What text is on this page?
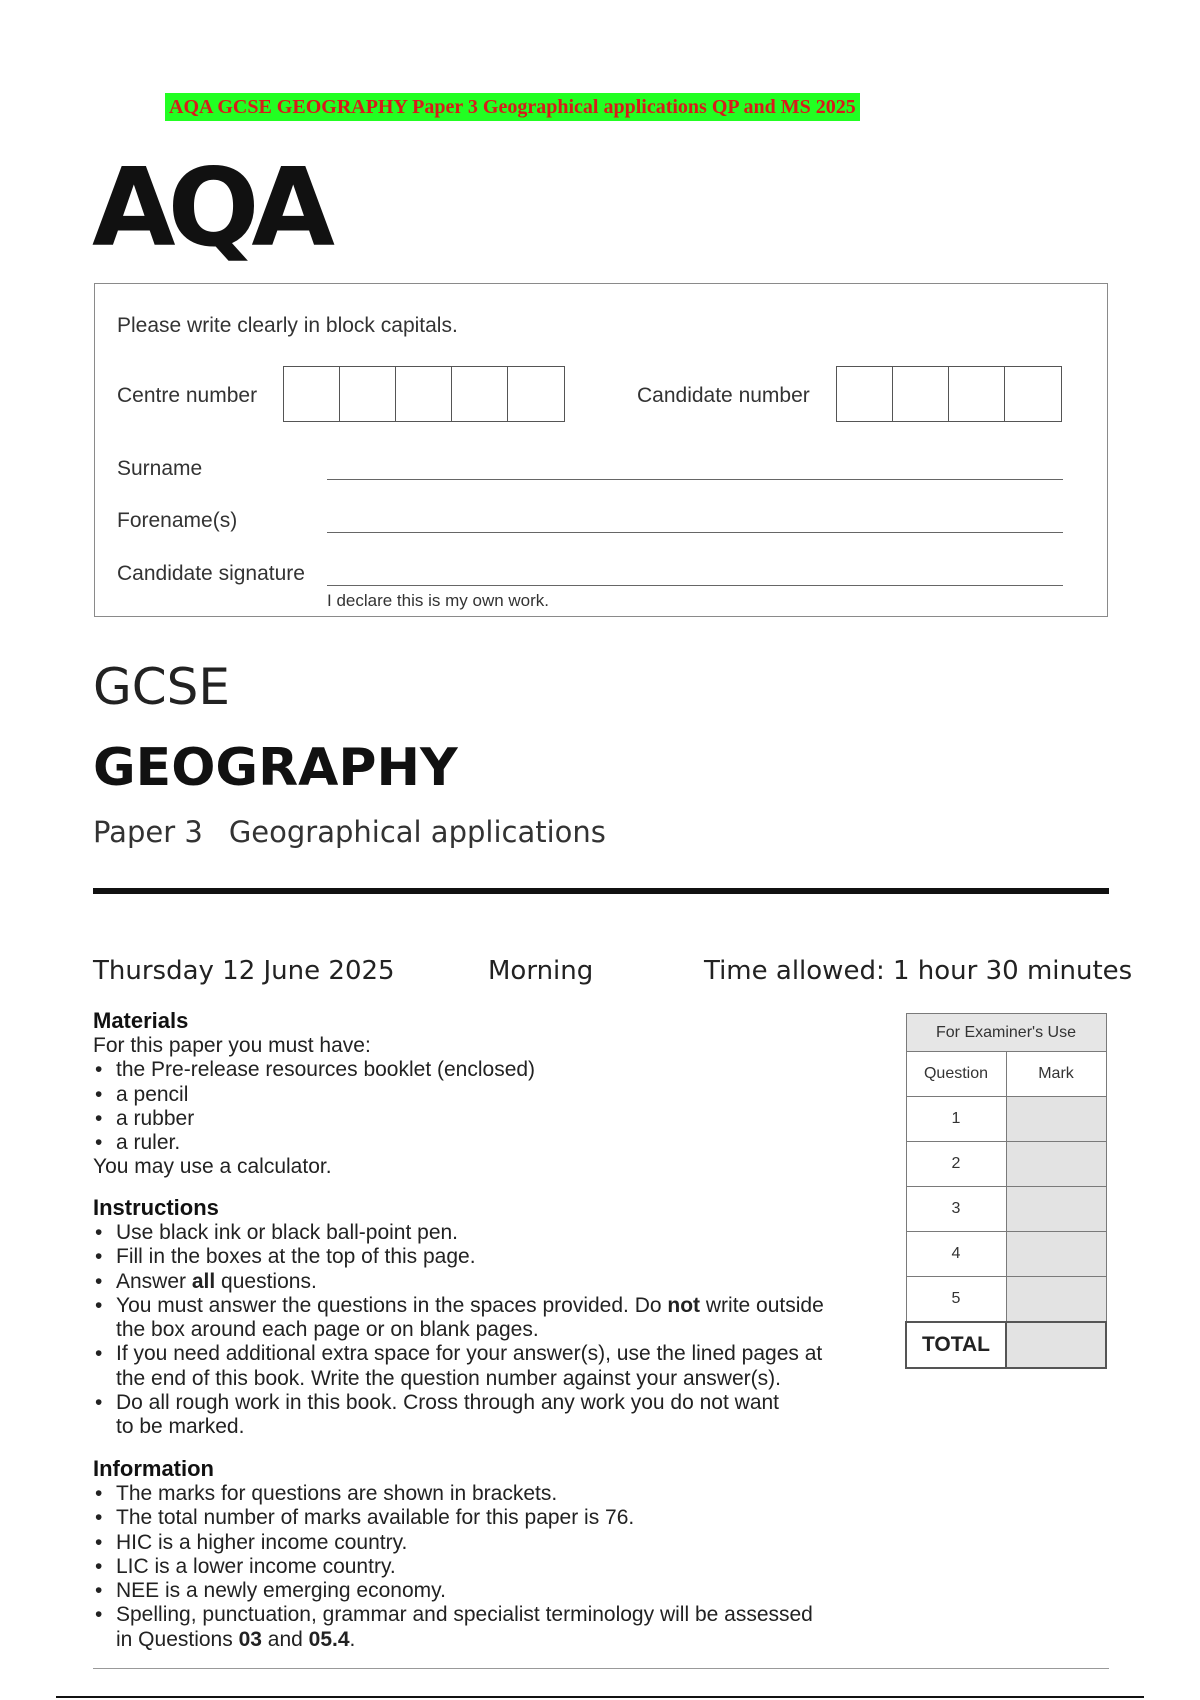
AQA GCSE GEOGRAPHY Paper 3 Geographical applications QP and MS 2025
AQA
Please write clearly in block capitals.
Centre number	Candidate number
Surname
Forename(s)
Candidate signature
I declare this is my own work.
GCSE
GEOGRAPHY
Paper 3 Geographical applications
Thursday 12 June 2025	Morning	Time allowed: 1 hour 30 minutes
Materials

For this paper you must have:

• the Pre-release resources booklet (enclosed)
• a pencil
• a rubber
• a ruler.

You may use a calculator.

Instructions
• Use black ink or black ball-point pen.
• Fill in the boxes at the top of this page.
• Answer all questions.
• You must answer the questions in the spaces provided. Do not write outside
the box around each page or on blank pages.
• If you need additional extra space for your answer(s), use the lined pages at
the end of this book. Write the question number against your answer(s).
• Do all rough work in this book. Cross through any work you do not want
to be marked.
Information
• The marks for questions are shown in brackets.
• The total number of marks available for this paper is 76.
• HIC is a higher income country.
• LIC is a lower income country.
• NEE is a newly emerging economy.
• Spelling, punctuation, grammar and specialist terminology will be assessed
in Questions 03 and 05.4.
For Examiner's Use	
Question	Mark
1	
2	
3	
4	
5	
TOTAL	
